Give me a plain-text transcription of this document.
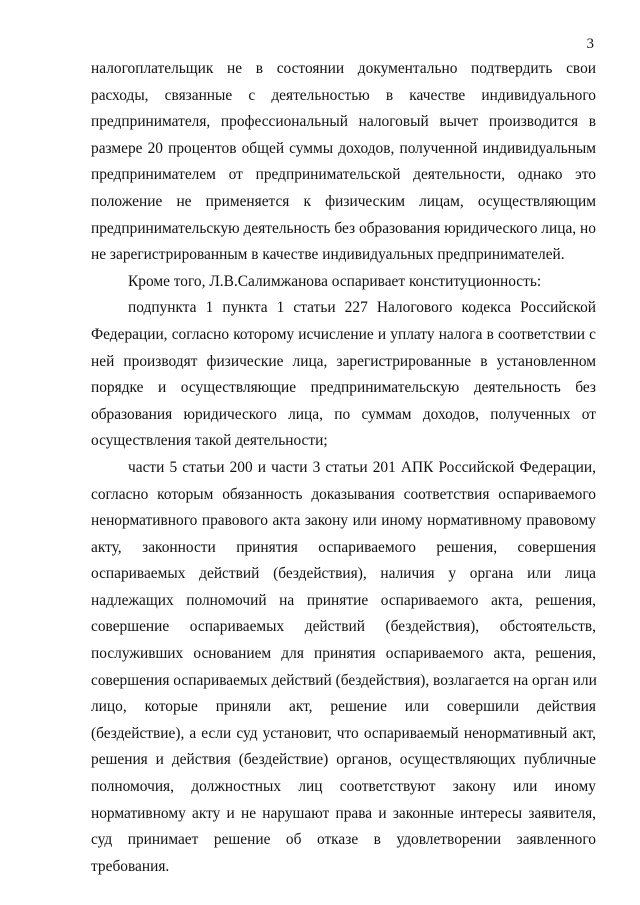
3
налогоплательщик не в состоянии документально подтвердить свои
расходы, связанные с деятельностью в качестве индивидуального
предпринимателя, профессиональный налоговый вычет производится в
размере 20 процентов общей суммы доходов, полученной индивидуальным
предпринимателем от предпринимательской деятельности, однако это
положение не применяется к физическим лицам, осуществляющим
предпринимательскую деятельность без образования юридического лица, но
не зарегистрированным в качестве индивидуальных предпринимателей.
Кроме того, Л.В.Салимжанова оспаривает конституционность:
подпункта 1 пункта 1 статьи 227 Налогового кодекса Российской
Федерации, согласно которому исчисление и уплату налога в соответствии с
ней производят физические лица, зарегистрированные в установленном
порядке и осуществляющие предпринимательскую деятельность без
образования юридического лица, по суммам доходов, полученных от
осуществления такой деятельности;
части 5 статьи 200 и части 3 статьи 201 АПК Российской Федерации,
согласно которым обязанность доказывания соответствия оспариваемого
ненормативного правового акта закону или иному нормативному правовому
акту, законности принятия оспариваемого решения, совершения
оспариваемых действий (бездействия), наличия у органа или лица
надлежащих полномочий на принятие оспариваемого акта, решения,
совершение оспариваемых действий (бездействия), обстоятельств,
послуживших основанием для принятия оспариваемого акта, решения,
совершения оспариваемых действий (бездействия), возлагается на орган или
лицо, которые приняли акт, решение или совершили действия
(бездействие), а если суд установит, что оспариваемый ненормативный акт,
решения и действия (бездействие) органов, осуществляющих публичные
полномочия, должностных лиц соответствуют закону или иному
нормативному акту и не нарушают права и законные интересы заявителя,
суд принимает решение об отказе в удовлетворении заявленного
требования.
